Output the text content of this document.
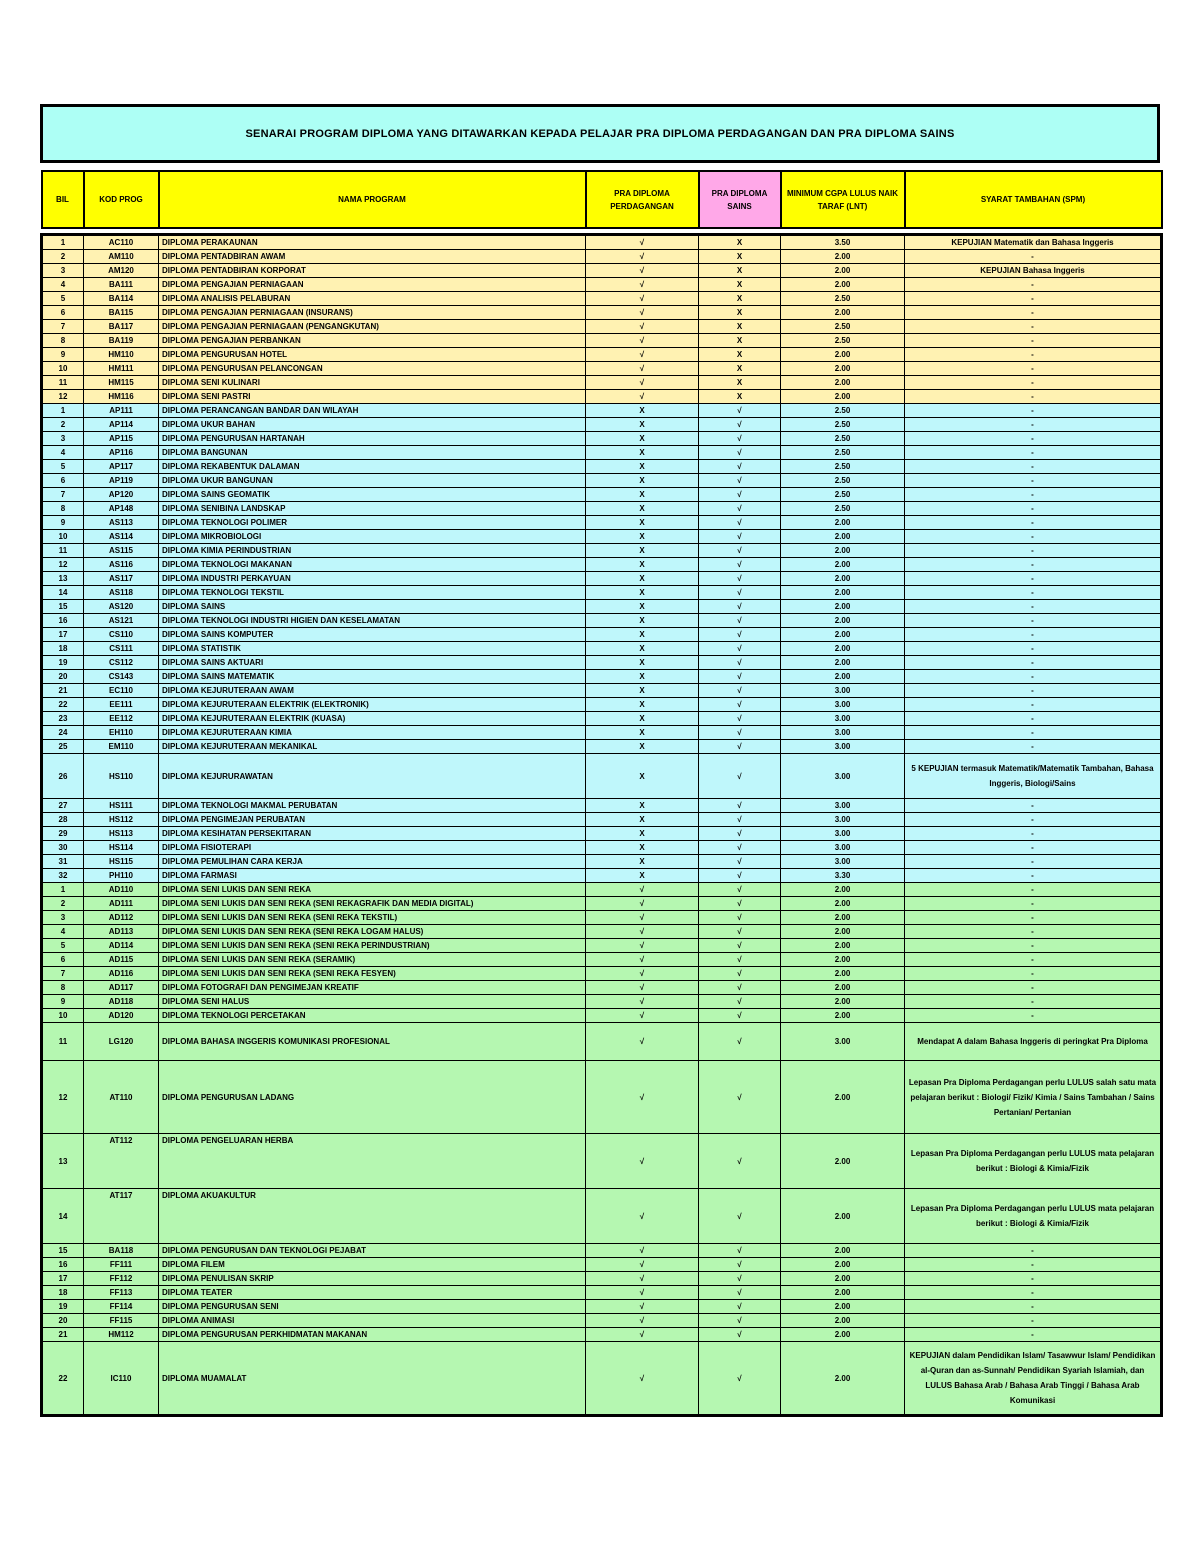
SENARAI PROGRAM DIPLOMA YANG DITAWARKAN KEPADA PELAJAR PRA DIPLOMA PERDAGANGAN DAN PRA DIPLOMA SAINS
BIL	KOD PROG	NAMA PROGRAM	PRA DIPLOMA PERDAGANGAN	PRA DIPLOMA SAINS	MINIMUM CGPA LULUS NAIK TARAF (LNT)	SYARAT TAMBAHAN (SPM)

1	AC110	DIPLOMA PERAKAUNAN	√	X	3.50	KEPUJIAN Matematik dan Bahasa Inggeris
2	AM110	DIPLOMA PENTADBIRAN AWAM	√	X	2.00	-
3	AM120	DIPLOMA PENTADBIRAN KORPORAT	√	X	2.00	KEPUJIAN Bahasa Inggeris
4	BA111	DIPLOMA PENGAJIAN PERNIAGAAN	√	X	2.00	-
5	BA114	DIPLOMA ANALISIS PELABURAN	√	X	2.50	-
6	BA115	DIPLOMA PENGAJIAN PERNIAGAAN (INSURANS)	√	X	2.00	-
7	BA117	DIPLOMA PENGAJIAN PERNIAGAAN (PENGANGKUTAN)	√	X	2.50	-
8	BA119	DIPLOMA PENGAJIAN PERBANKAN	√	X	2.50	-
9	HM110	DIPLOMA PENGURUSAN HOTEL	√	X	2.00	-
10	HM111	DIPLOMA PENGURUSAN PELANCONGAN	√	X	2.00	-
11	HM115	DIPLOMA SENI KULINARI	√	X	2.00	-
12	HM116	DIPLOMA SENI PASTRI	√	X	2.00	-
1	AP111	DIPLOMA PERANCANGAN BANDAR DAN WILAYAH	X	√	2.50	-
2	AP114	DIPLOMA UKUR BAHAN	X	√	2.50	-
3	AP115	DIPLOMA PENGURUSAN HARTANAH	X	√	2.50	-
4	AP116	DIPLOMA BANGUNAN	X	√	2.50	-
5	AP117	DIPLOMA REKABENTUK DALAMAN	X	√	2.50	-
6	AP119	DIPLOMA UKUR BANGUNAN	X	√	2.50	-
7	AP120	DIPLOMA SAINS GEOMATIK	X	√	2.50	-
8	AP148	DIPLOMA SENIBINA LANDSKAP	X	√	2.50	-
9	AS113	DIPLOMA TEKNOLOGI POLIMER	X	√	2.00	-
10	AS114	DIPLOMA MIKROBIOLOGI	X	√	2.00	-
11	AS115	DIPLOMA KIMIA PERINDUSTRIAN	X	√	2.00	-
12	AS116	DIPLOMA TEKNOLOGI MAKANAN	X	√	2.00	-
13	AS117	DIPLOMA INDUSTRI PERKAYUAN	X	√	2.00	-
14	AS118	DIPLOMA TEKNOLOGI TEKSTIL	X	√	2.00	-
15	AS120	DIPLOMA SAINS	X	√	2.00	-
16	AS121	DIPLOMA TEKNOLOGI INDUSTRI HIGIEN DAN KESELAMATAN	X	√	2.00	-
17	CS110	DIPLOMA SAINS KOMPUTER	X	√	2.00	-
18	CS111	DIPLOMA STATISTIK	X	√	2.00	-
19	CS112	DIPLOMA SAINS AKTUARI	X	√	2.00	-
20	CS143	DIPLOMA SAINS MATEMATIK	X	√	2.00	-
21	EC110	DIPLOMA KEJURUTERAAN AWAM	X	√	3.00	-
22	EE111	DIPLOMA KEJURUTERAAN ELEKTRIK (ELEKTRONIK)	X	√	3.00	-
23	EE112	DIPLOMA KEJURUTERAAN ELEKTRIK (KUASA)	X	√	3.00	-
24	EH110	DIPLOMA KEJURUTERAAN KIMIA	X	√	3.00	-
25	EM110	DIPLOMA KEJURUTERAAN MEKANIKAL	X	√	3.00	-
26	HS110	DIPLOMA KEJURURAWATAN	X	√	3.00	5 KEPUJIAN termasuk Matematik/Matematik Tambahan, Bahasa Inggeris, Biologi/Sains
27	HS111	DIPLOMA TEKNOLOGI MAKMAL PERUBATAN	X	√	3.00	-
28	HS112	DIPLOMA PENGIMEJAN PERUBATAN	X	√	3.00	-
29	HS113	DIPLOMA KESIHATAN PERSEKITARAN	X	√	3.00	-
30	HS114	DIPLOMA FISIOTERAPI	X	√	3.00	-
31	HS115	DIPLOMA PEMULIHAN CARA KERJA	X	√	3.00	-
32	PH110	DIPLOMA FARMASI	X	√	3.30	-
1	AD110	DIPLOMA SENI LUKIS DAN SENI REKA	√	√	2.00	-
2	AD111	DIPLOMA SENI LUKIS DAN SENI REKA (SENI REKAGRAFIK DAN MEDIA DIGITAL)	√	√	2.00	-
3	AD112	DIPLOMA SENI LUKIS DAN SENI REKA (SENI REKA TEKSTIL)	√	√	2.00	-
4	AD113	DIPLOMA SENI LUKIS DAN SENI REKA (SENI REKA LOGAM HALUS)	√	√	2.00	-
5	AD114	DIPLOMA SENI LUKIS DAN SENI REKA (SENI REKA PERINDUSTRIAN)	√	√	2.00	-
6	AD115	DIPLOMA SENI LUKIS DAN SENI REKA (SERAMIK)	√	√	2.00	-
7	AD116	DIPLOMA SENI LUKIS DAN SENI REKA (SENI REKA FESYEN)	√	√	2.00	-
8	AD117	DIPLOMA FOTOGRAFI DAN PENGIMEJAN KREATIF	√	√	2.00	-
9	AD118	DIPLOMA SENI HALUS	√	√	2.00	-
10	AD120	DIPLOMA TEKNOLOGI PERCETAKAN	√	√	2.00	-
11	LG120	DIPLOMA BAHASA INGGERIS KOMUNIKASI PROFESIONAL	√	√	3.00	Mendapat A dalam Bahasa Inggeris di peringkat Pra Diploma
12	AT110	DIPLOMA PENGURUSAN LADANG	√	√	2.00	Lepasan Pra Diploma Perdagangan perlu LULUS salah satu mata pelajaran berikut : Biologi/ Fizik/ Kimia / Sains Tambahan / Sains Pertanian/ Pertanian
13	AT112	DIPLOMA PENGELUARAN HERBA	√	√	2.00	Lepasan Pra Diploma Perdagangan perlu LULUS mata pelajaran berikut : Biologi & Kimia/Fizik
14	AT117	DIPLOMA AKUAKULTUR	√	√	2.00	Lepasan Pra Diploma Perdagangan perlu LULUS mata pelajaran berikut : Biologi & Kimia/Fizik
15	BA118	DIPLOMA PENGURUSAN DAN TEKNOLOGI PEJABAT	√	√	2.00	-
16	FF111	DIPLOMA FILEM	√	√	2.00	-
17	FF112	DIPLOMA PENULISAN SKRIP	√	√	2.00	-
18	FF113	DIPLOMA TEATER	√	√	2.00	-
19	FF114	DIPLOMA PENGURUSAN SENI	√	√	2.00	-
20	FF115	DIPLOMA ANIMASI	√	√	2.00	-
21	HM112	DIPLOMA PENGURUSAN PERKHIDMATAN MAKANAN	√	√	2.00	-
22	IC110	DIPLOMA MUAMALAT	√	√	2.00	KEPUJIAN dalam Pendidikan Islam/ Tasawwur Islam/ Pendidikan al-Quran dan as-Sunnah/ Pendidikan Syariah Islamiah, dan LULUS Bahasa Arab / Bahasa Arab Tinggi / Bahasa Arab Komunikasi
